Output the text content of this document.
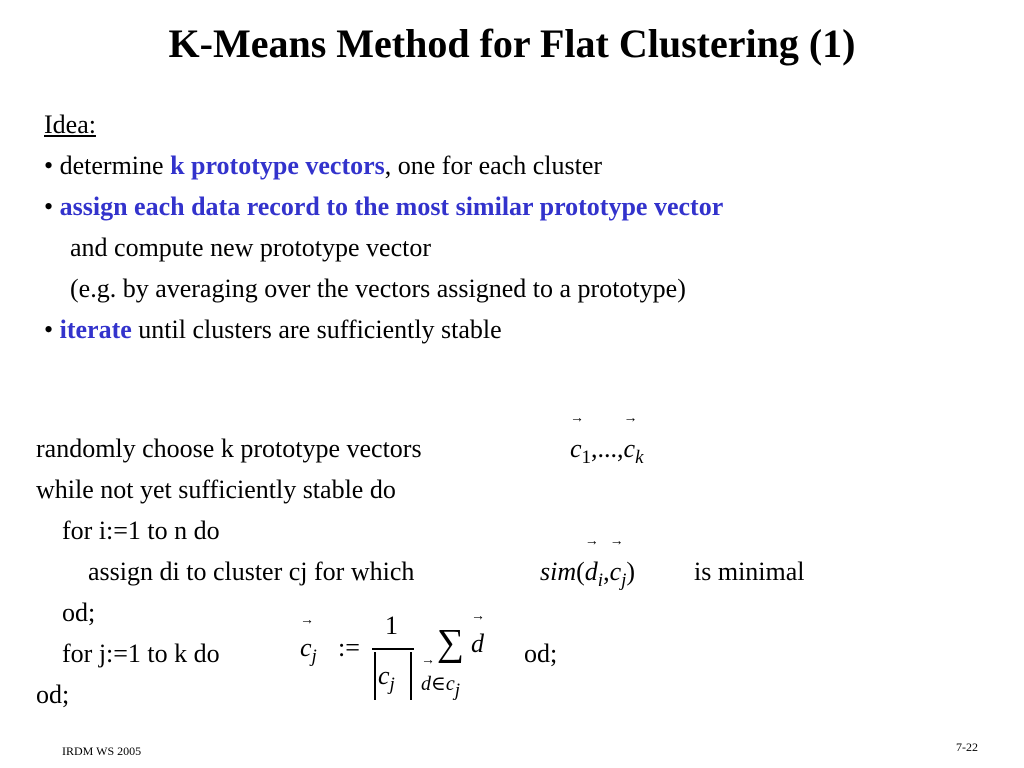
K-Means Method for Flat Clustering (1)
Idea:
• determine k prototype vectors, one for each cluster
• assign each data record to the most similar prototype vector
and compute new prototype vector
(e.g. by averaging over the vectors assigned to a prototype)
• iterate until clusters are sufficiently stable
randomly choose k prototype vectors
while not yet sufficiently stable do
for i:=1 to n do
assign di to cluster cj for which
od;
for j:=1 to k do
od;
→ $c_1,...,\to c_k$
$sim(\to d_i,\to c_j)$ is minimal
→ $c_j$ :=
1
$c_j$
∑
→ d
→ $d\in c_j$
od;
IRDM WS 2005	7-22
